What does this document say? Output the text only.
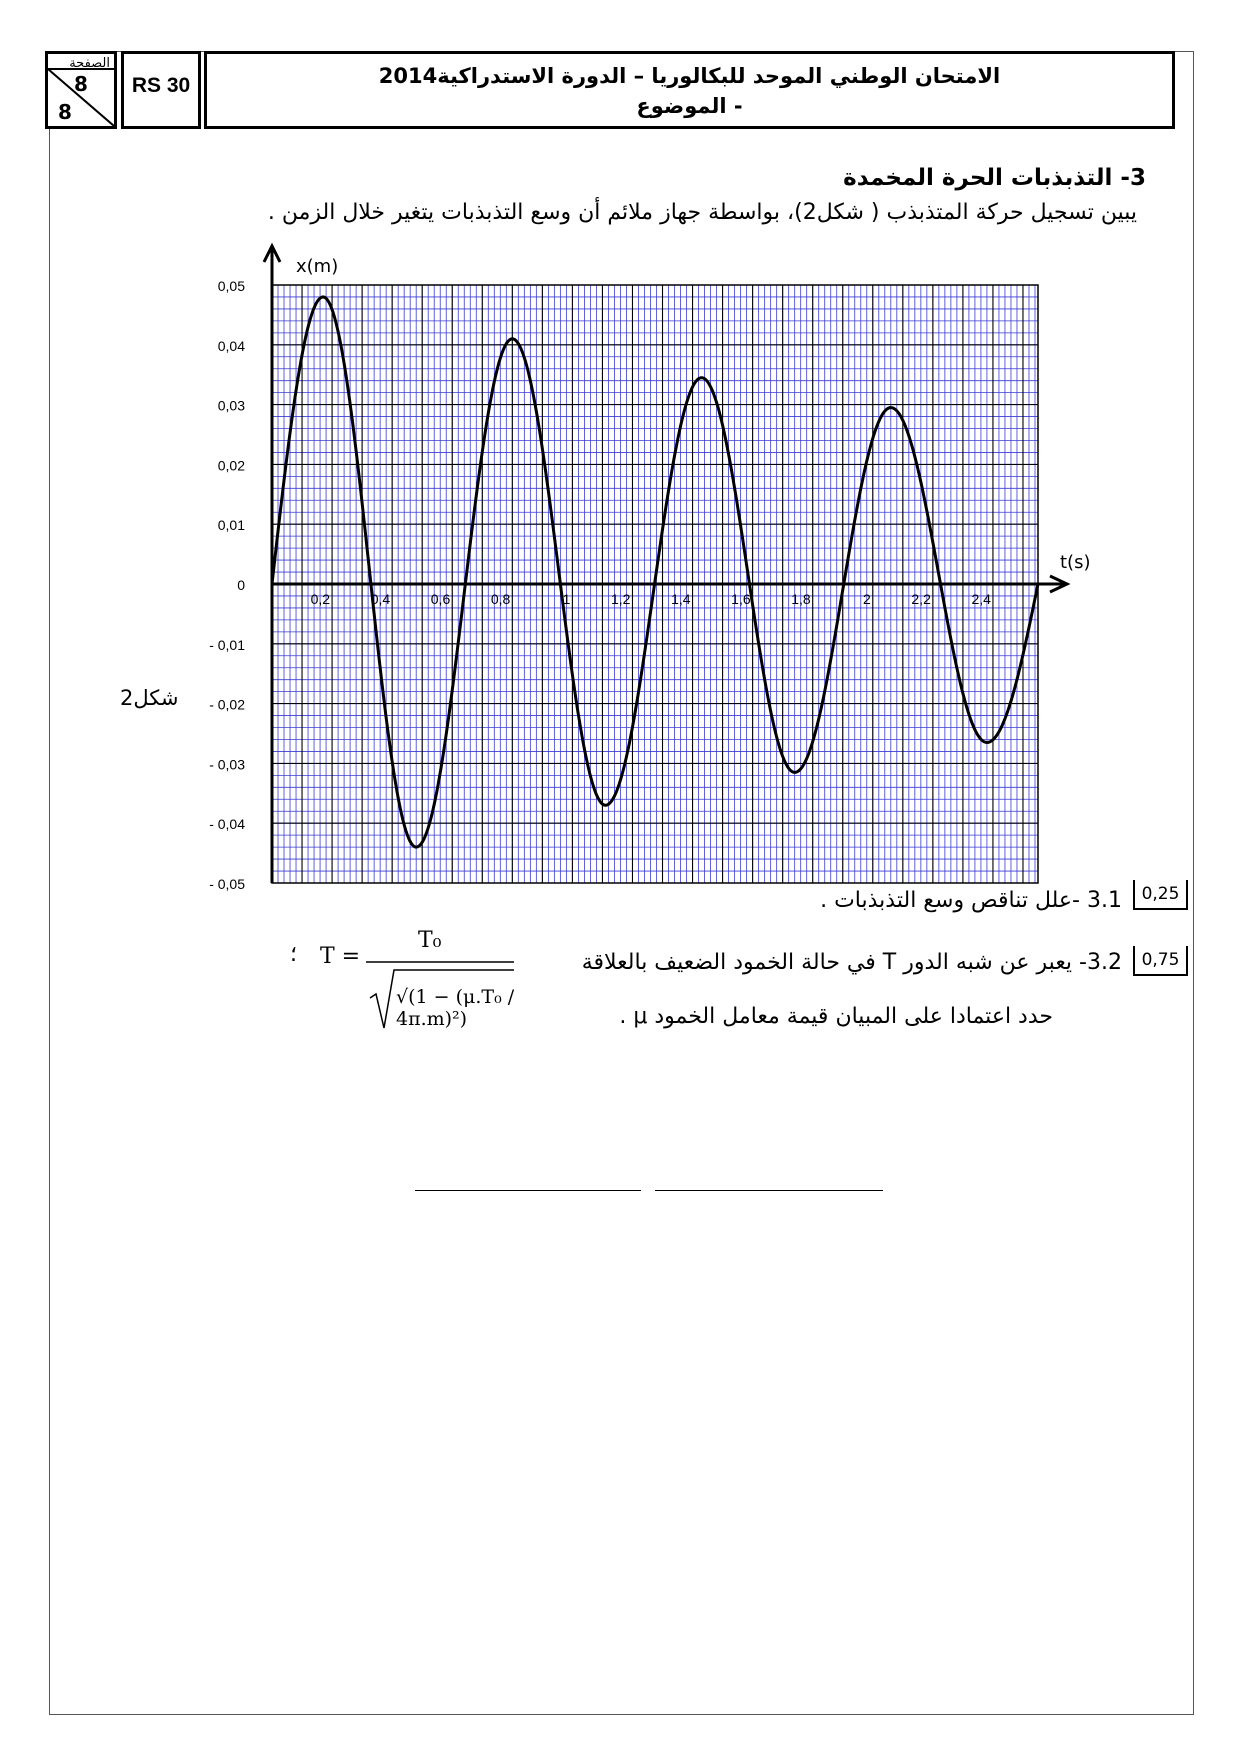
الصفحة
8
8
RS 30	الامتحان الوطني الموحد للبكالوريا – الدورة الاستدراكية2014
- الموضوع
3- التذبذبات الحرة المخمدة
يبين تسجيل حركة المتذبذب ( شكل2)، بواسطة جهاز ملائم أن وسع التذبذبات يتغير خلال الزمن .
0,05
0,04
0,03
0,02
0,01
0
- 0,01
- 0,02
- 0,03
- 0,04
- 0,05
0,2	0,4	0,6	0,8	1	1,2	1,4	1,6	1,8	2	2,2	2,4
t(s)
x(m)
شكل2
0,25
3.1 -علل تناقص وسع التذبذبات .
0,75
3.2- يعبر عن شبه الدور T في حالة الخمود الضعيف بالعلاقة
حدد اعتمادا على المبيان قيمة معامل الخمود μ .
؛ T =
T₀
√(1 − (μ.T₀ / 4π.m)²)
